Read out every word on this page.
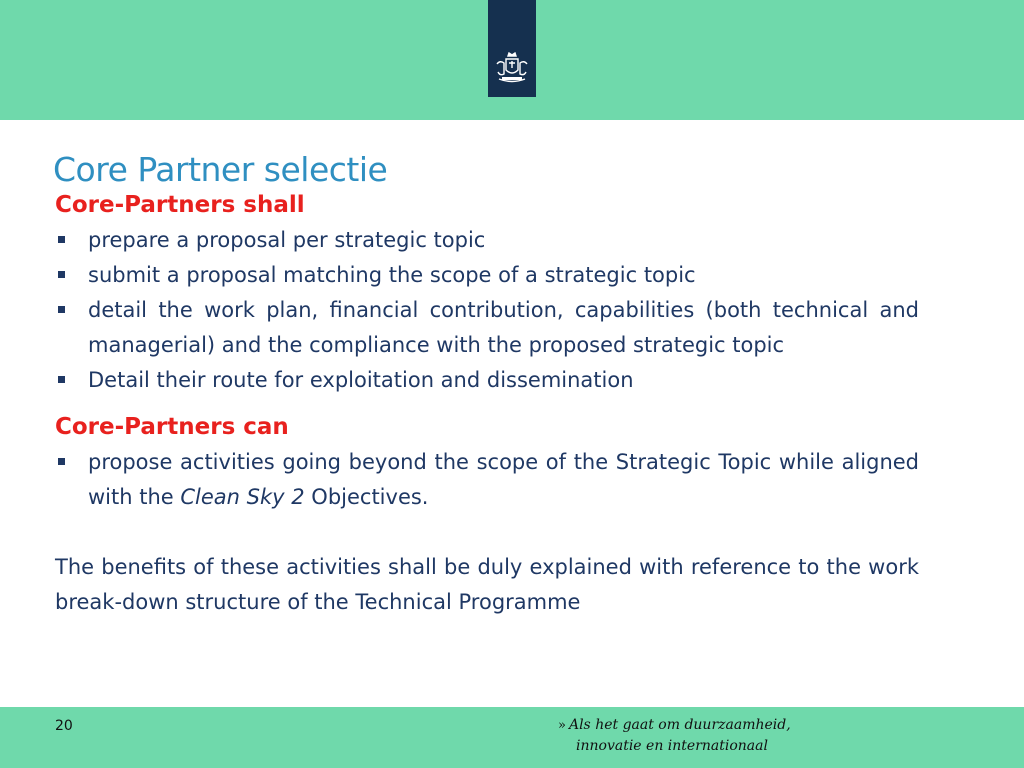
Core Partner selectie

Core-Partners shall

prepare a proposal per strategic topic
submit a proposal matching the scope of a strategic topic
detail the work plan, financial contribution, capabilities (both technical and managerial) and the compliance with the proposed strategic topic
Detail their route for exploitation and dissemination

Core-Partners can

propose activities going beyond the scope of the Strategic Topic while aligned with the Clean Sky 2 Objectives.

The benefits of these activities shall be duly explained with reference to the work break-down structure of the Technical Programme

20	» Als het gaat om duurzaamheid,
innovatie en internationaal
